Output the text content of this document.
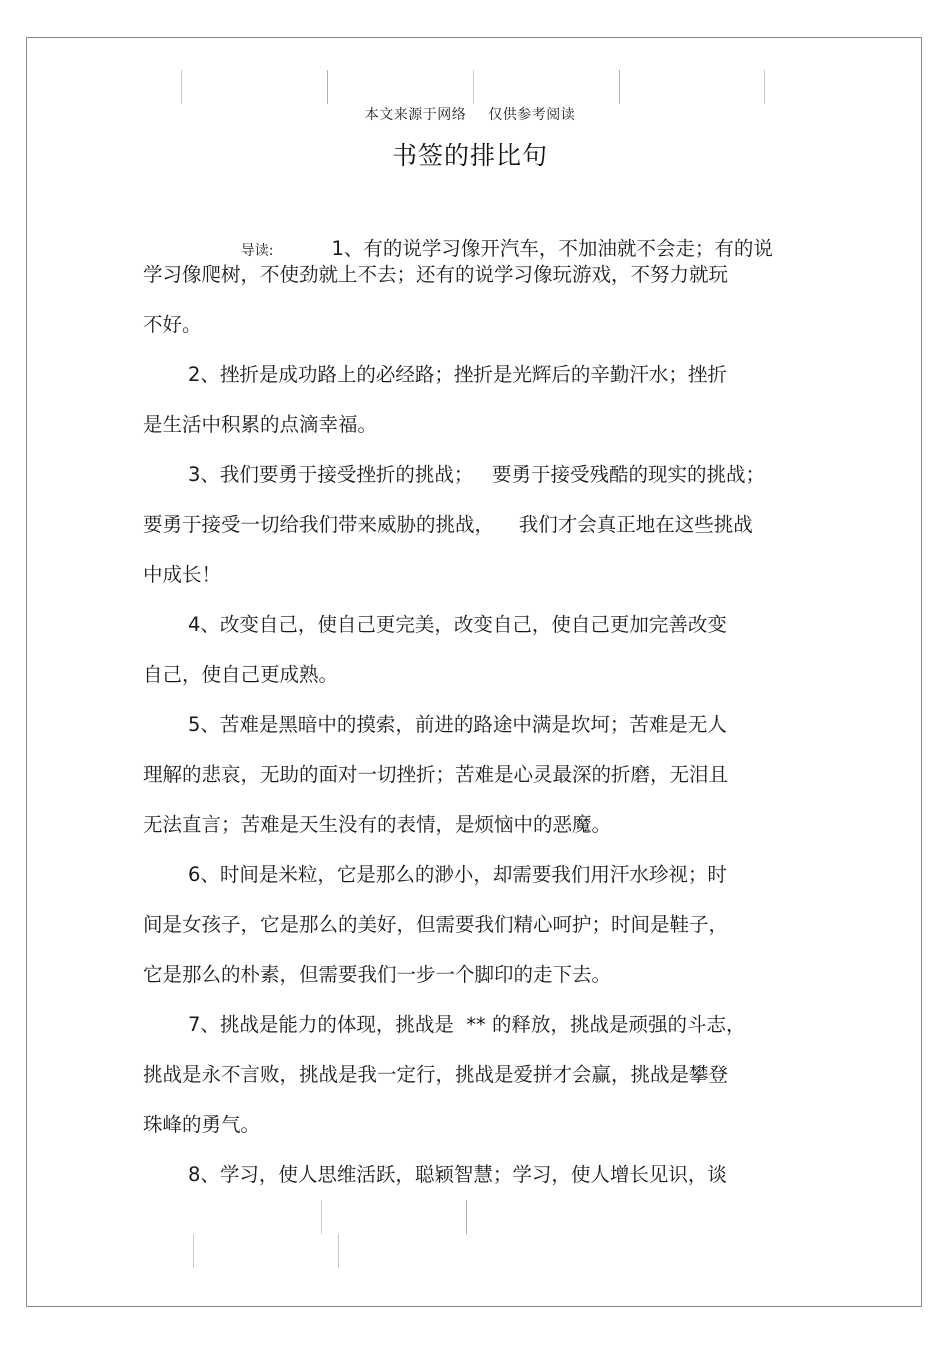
本文来源于网络 仅供参考阅读
书签的排比句

导读:	1、有的说学习像开汽车，不加油就不会走；有的说

学习像爬树，不使劲就上不去；还有的说学习像玩游戏，不努力就玩
不好。
2、挫折是成功路上的必经路；挫折是光辉后的辛勤汗水；挫折
是生活中积累的点滴幸福。
3、我们要勇于接受挫折的挑战；   要勇于接受残酷的现实的挑战；
要勇于接受一切给我们带来威胁的挑战，    我们才会真正地在这些挑战
中成长！
4、改变自己，使自己更完美，改变自己，使自己更加完善改变
自己，使自己更成熟。
5、苦难是黑暗中的摸索，前进的路途中满是坎坷；苦难是无人
理解的悲哀，无助的面对一切挫折；苦难是心灵最深的折磨，无泪且
无法直言；苦难是天生没有的表情，是烦恼中的恶魔。
6、时间是米粒，它是那么的渺小，却需要我们用汗水珍视；时
间是女孩子，它是那么的美好，但需要我们精心呵护；时间是鞋子，
它是那么的朴素，但需要我们一步一个脚印的走下去。
7、挑战是能力的体现，挑战是  ** 的释放，挑战是顽强的斗志，
挑战是永不言败，挑战是我一定行，挑战是爱拼才会赢，挑战是攀登
珠峰的勇气。
8、学习，使人思维活跃，聪颖智慧；学习，使人增长见识，谈
